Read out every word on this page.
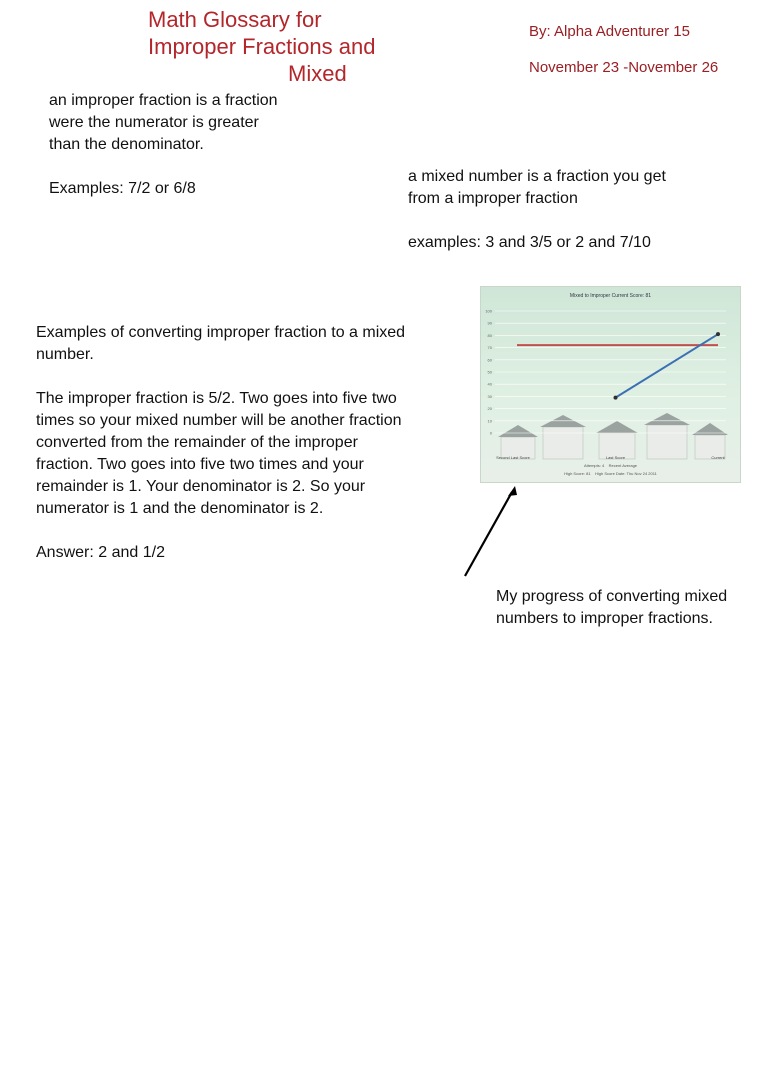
Math Glossary for
Improper Fractions and

Mixed
By: Alpha Adventurer 15
November 23 -November 26
an improper fraction is a fraction were the numerator is greater than the denominator.
Examples: 7/2 or 6/8
a mixed number is a fraction you get from a improper fraction
examples: 3 and 3/5 or 2 and 7/10

Examples of converting improper fraction to a mixed number.

The improper fraction is 5/2. Two goes into five two times so your mixed number will be another fraction converted from the remainder of the improper fraction. Two goes into five two times and your remainder is 1. Your denominator is 2. So your numerator is 1 and the denominator is 2.

Answer: 2 and 1/2

0
10
20
30
40
50
60
70
80
90
100
Second Last Score	Last Score	Current
Mixed to Improper Current Score: 81
Attempts: 4 Recent Average
High Score: 81 High Score Date: Thu Nov 24 2011
My progress of converting mixed numbers to improper fractions.
